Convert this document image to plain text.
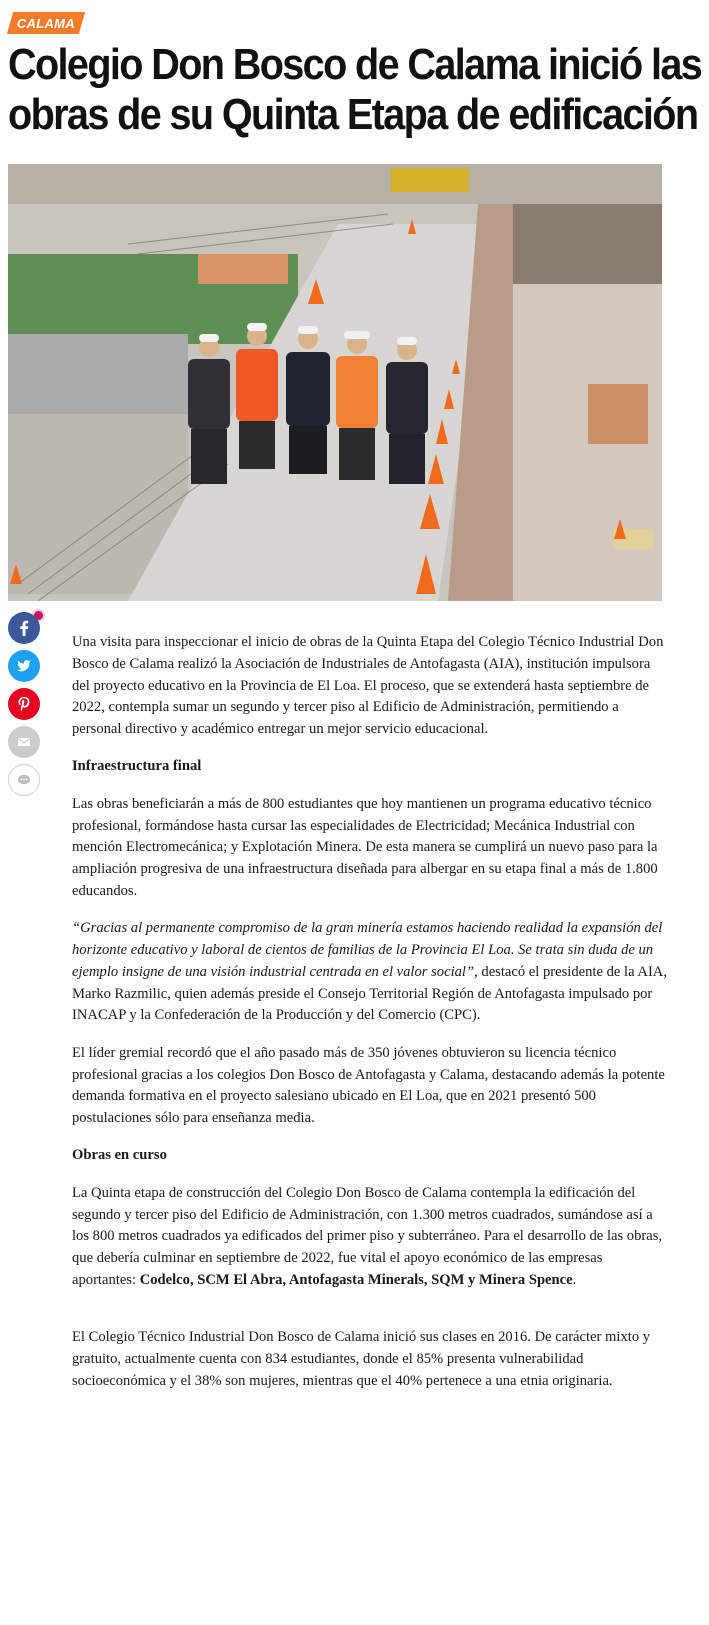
CALAMA
Colegio Don Bosco de Calama inició las obras de su Quinta Etapa de edificación

Una visita para inspeccionar el inicio de obras de la Quinta Etapa del Colegio Técnico Industrial Don Bosco de Calama realizó la Asociación de Industriales de Antofagasta (AIA), institución impulsora del proyecto educativo en la Provincia de El Loa. El proceso, que se extenderá hasta septiembre de 2022, contempla sumar un segundo y tercer piso al Edificio de Administración, permitiendo a personal directivo y académico entregar un mejor servicio educacional.

Infraestructura final

Las obras beneficiarán a más de 800 estudiantes que hoy mantienen un programa educativo técnico profesional, formándose hasta cursar las especialidades de Electricidad; Mecánica Industrial con mención Electromecánica; y Explotación Minera. De esta manera se cumplirá un nuevo paso para la ampliación progresiva de una infraestructura diseñada para albergar en su etapa final a más de 1.800 educandos.

“Gracias al permanente compromiso de la gran minería estamos haciendo realidad la expansión del horizonte educativo y laboral de cientos de familias de la Provincia El Loa. Se trata sin duda de un ejemplo insigne de una visión industrial centrada en el valor social”, destacó el presidente de la AIA, Marko Razmilic, quien además preside el Consejo Territorial Región de Antofagasta impulsado por INACAP y la Confederación de la Producción y del Comercio (CPC).

El líder gremial recordó que el año pasado más de 350 jóvenes obtuvieron su licencia técnico profesional gracias a los colegios Don Bosco de Antofagasta y Calama, destacando además la potente demanda formativa en el proyecto salesiano ubicado en El Loa, que en 2021 presentó 500 postulaciones sólo para enseñanza media.

Obras en curso

La Quinta etapa de construcción del Colegio Don Bosco de Calama contempla la edificación del segundo y tercer piso del Edificio de Administración, con 1.300 metros cuadrados, sumándose así a los 800 metros cuadrados ya edificados del primer piso y subterráneo. Para el desarrollo de las obras, que debería culminar en septiembre de 2022, fue vital el apoyo económico de las empresas aportantes: Codelco, SCM El Abra, Antofagasta Minerals, SQM y Minera Spence.

El Colegio Técnico Industrial Don Bosco de Calama inició sus clases en 2016. De carácter mixto y gratuito, actualmente cuenta con 834 estudiantes, donde el 85% presenta vulnerabilidad socioeconómica y el 38% son mujeres, mientras que el 40% pertenece a una etnia originaria.
